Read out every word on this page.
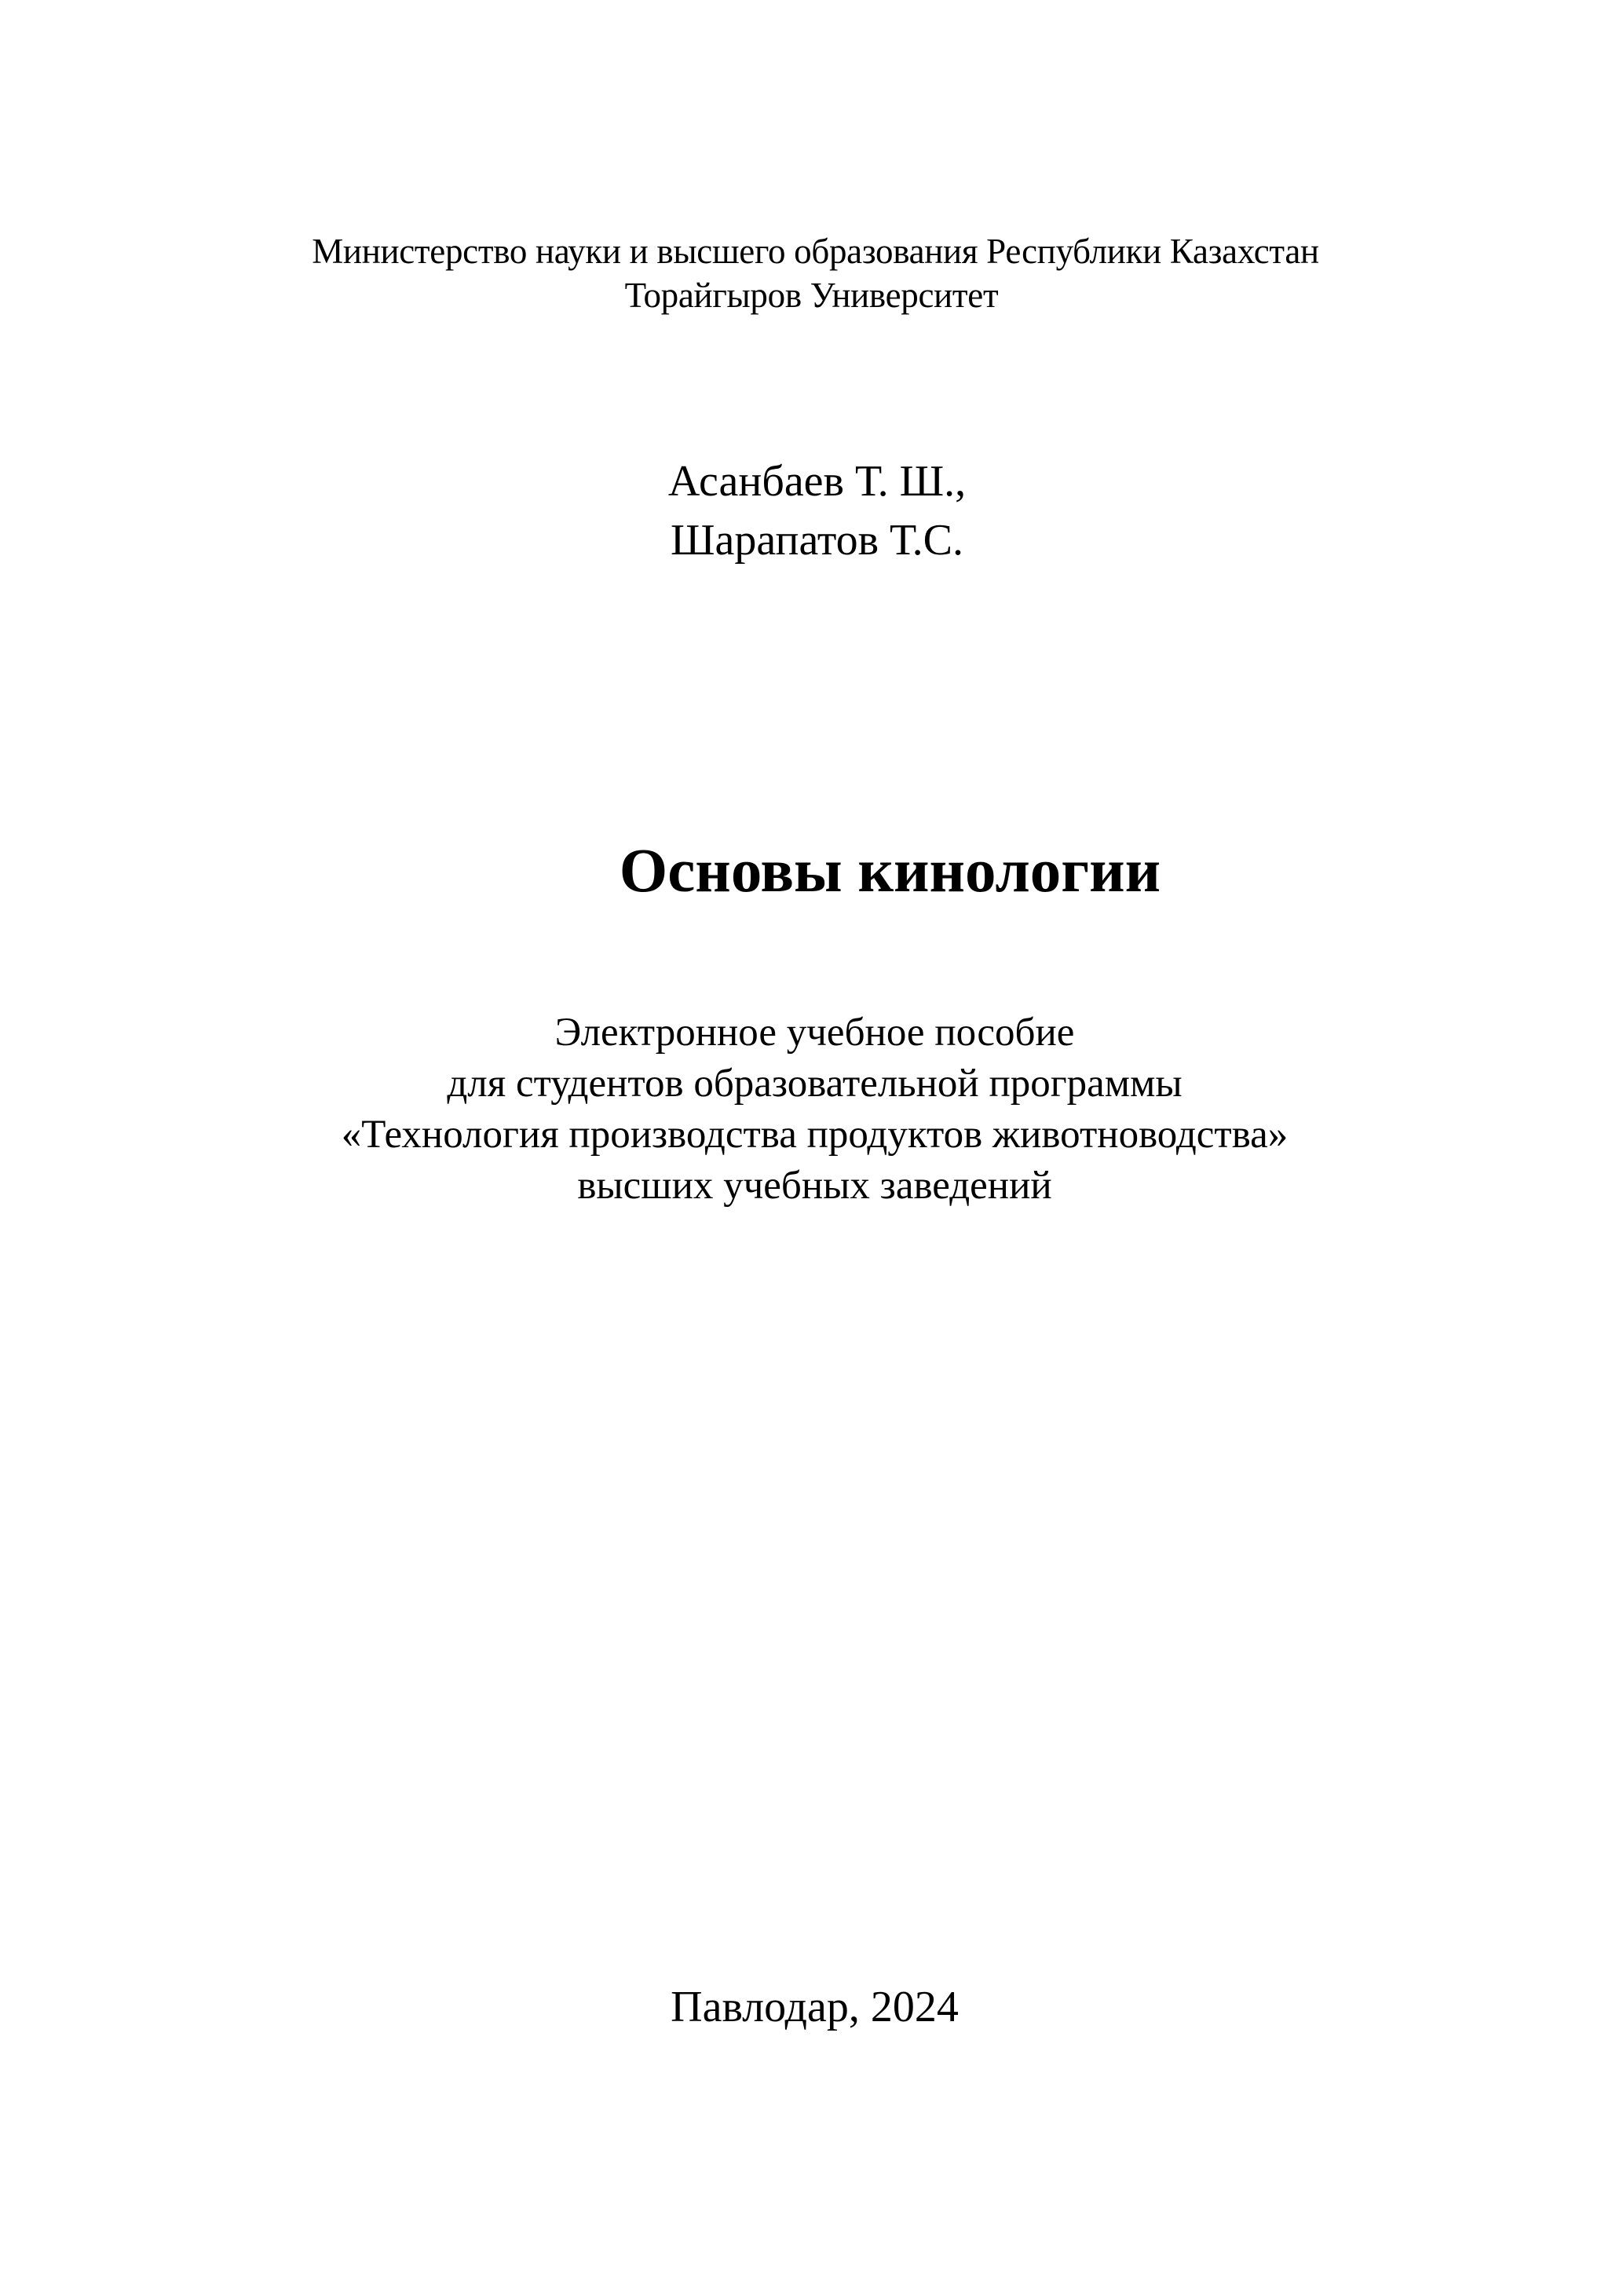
Министерство науки и высшего образования Республики Казахстан
Торайгыров Университет
Асанбаев Т. Ш.,
Шарапатов Т.С.
Основы кинологии
Электронное учебное пособие
для студентов образовательной программы
«Технология производства продуктов животноводства»
высших учебных заведений
Павлодар, 2024
